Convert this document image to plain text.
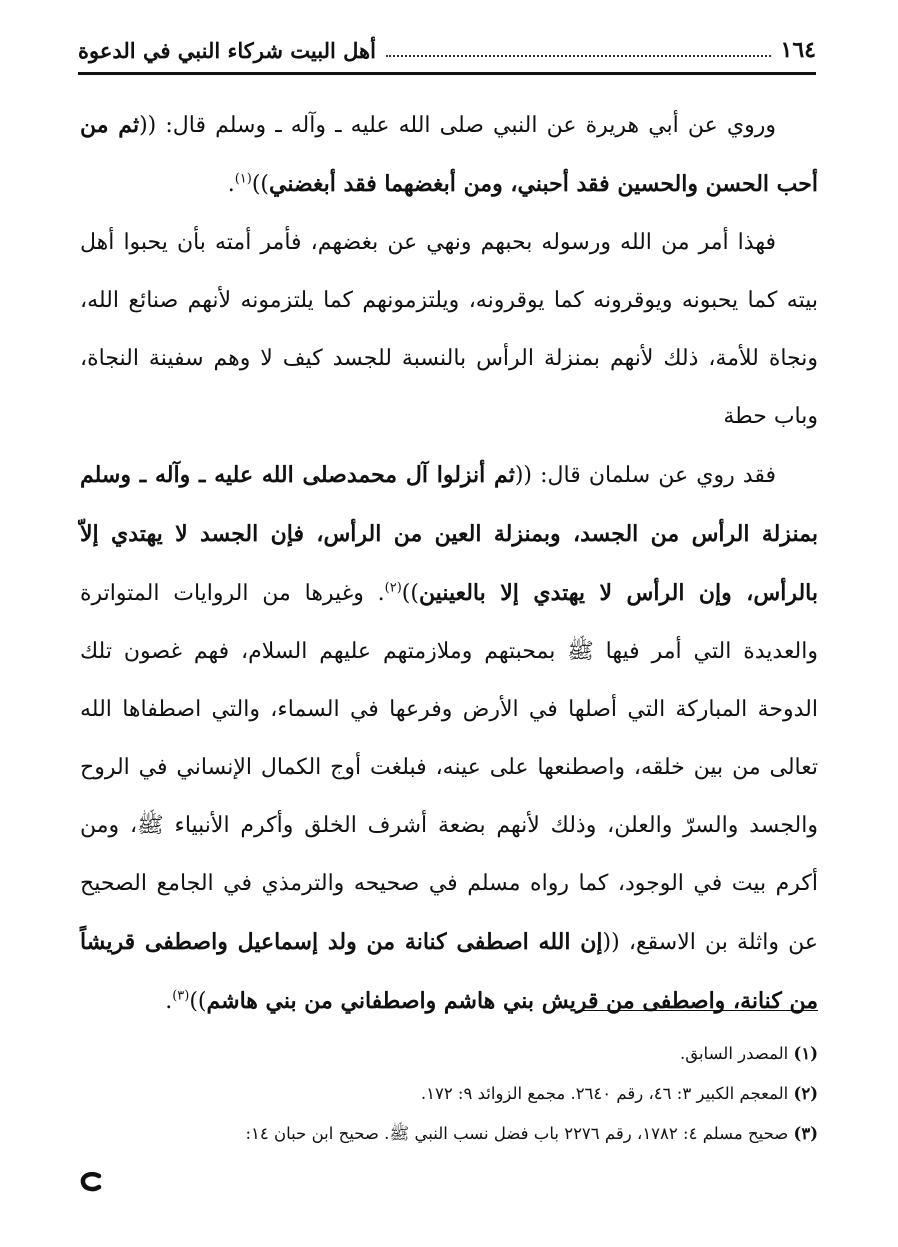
أهل البيت شركاء النبي في الدعوة	١٦٤

وروي عن أبي هريرة عن النبي صلى الله عليه ـ وآله ـ وسلم قال: ((ثم من أحب الحسن والحسين فقد أحبني، ومن أبغضهما فقد أبغضني))$^{(١)}$.

فهذا أمر من الله ورسوله بحبهم ونهي عن بغضهم، فأمر أمته بأن يحبوا أهل بيته كما يحبونه ويوقرونه كما يوقرونه، ويلتزمونهم كما يلتزمونه لأنهم صنائع الله، ونجاة للأمة، ذلك لأنهم بمنزلة الرأس بالنسبة للجسد كيف لا وهم سفينة النجاة، وباب حطة

فقد روي عن سلمان قال: ((ثم أنزلوا آل محمدصلى الله عليه ـ وآله ـ وسلم بمنزلة الرأس من الجسد، وبمنزلة العين من الرأس، فإن الجسد لا يهتدي إلاّ بالرأس، وإن الرأس لا يهتدي إلا بالعينين))$^{(٢)}$. وغيرها من الروايات المتواترة والعديدة التي أمر فيها ﷺ بمحبتهم وملازمتهم عليهم السلام، فهم غصون تلك الدوحة المباركة التي أصلها في الأرض وفرعها في السماء، والتي اصطفاها الله تعالى من بين خلقه، واصطنعها على عينه، فبلغت أوج الكمال الإنساني في الروح والجسد والسرّ والعلن، وذلك لأنهم بضعة أشرف الخلق وأكرم الأنبياء ﷺ، ومن أكرم بيت في الوجود، كما رواه مسلم في صحيحه والترمذي في الجامع الصحيح عن واثلة بن الاسقع، ((إن الله اصطفى كنانة من ولد إسماعيل واصطفى قريشاً من كنانة، واصطفى من قريش بني هاشم واصطفاني من بني هاشم))$^{(٣)}$.

(١) المصدر السابق.
(٢) المعجم الكبير ٣: ٤٦، رقم ٢٦٤٠. مجمع الزوائد ٩: ١٧٢.
(٣) صحيح مسلم ٤: ١٧٨٢، رقم ٢٢٧٦ باب فضل نسب النبي ﷺ. صحيح ابن حبان ١٤:
